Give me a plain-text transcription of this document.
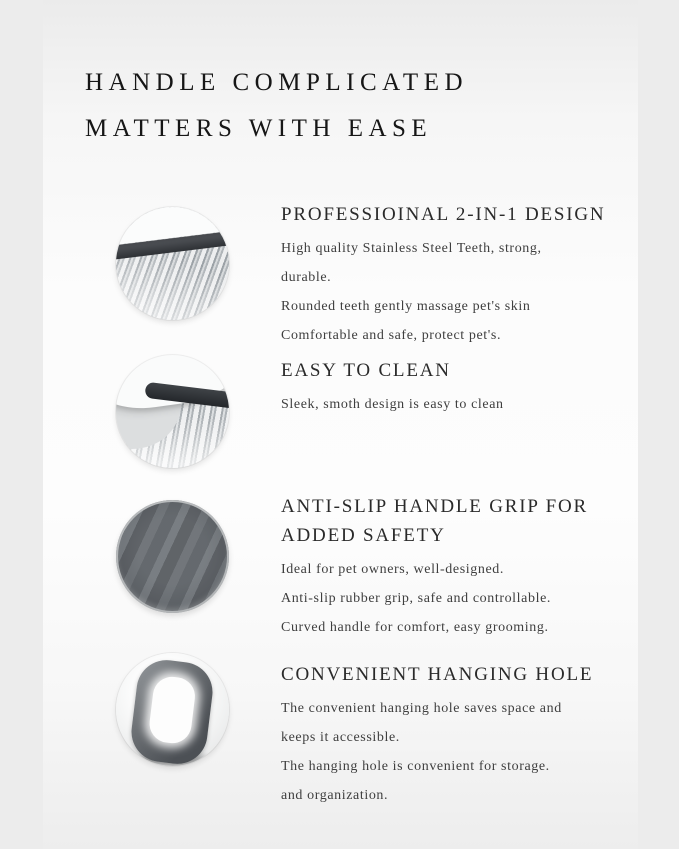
HANDLE COMPLICATED
MATTERS WITH EASE
PROFESSIOINAL 2-IN-1 DESIGN
High quality Stainless Steel Teeth, strong,
durable.
Rounded teeth gently massage pet's skin
Comfortable and safe, protect pet's.
EASY TO CLEAN
Sleek, smoth design is easy to clean
ANTI-SLIP HANDLE GRIP FOR
ADDED SAFETY
Ideal for pet owners, well-designed.
Anti-slip rubber grip, safe and controllable.
Curved handle for comfort, easy grooming.
CONVENIENT HANGING HOLE
The convenient hanging hole saves space and
keeps it accessible.
The hanging hole is convenient for storage.
and organization.
